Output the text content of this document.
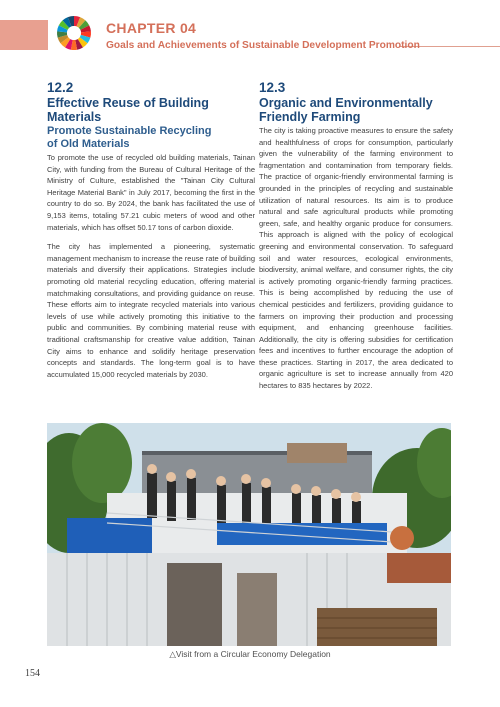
CHAPTER 04
Goals and Achievements of Sustainable Development Promotion
12.2
Effective Reuse of Building
Materials
Promote Sustainable Recycling
of Old Materials

To promote the use of recycled old building materials, Tainan City, with funding from the Bureau of Cultural Heritage of the Ministry of Culture, established the "Tainan City Cultural Heritage Material Bank" in July 2017, becoming the first in the country to do so. By 2024, the bank has facilitated the use of 9,153 items, totaling 57.21 cubic meters of wood and other materials, which has offset 50.17 tons of carbon dioxide.

The city has implemented a pioneering, systematic management mechanism to increase the reuse rate of building materials and diversify their applications. Strategies include promoting old material recycling education, offering material matchmaking consultations, and providing guidance on reuse. These efforts aim to integrate recycled materials into various levels of use while actively promoting this initiative to the public and communities. By combining material reuse with traditional craftsmanship for creative value addition, Tainan City aims to enhance and solidify heritage preservation concepts and standards. The long-term goal is to have accumulated 15,000 recycled materials by 2030.

12.3
Organic and Environmentally
Friendly Farming

The city is taking proactive measures to ensure the safety and healthfulness of crops for consumption, particularly given the vulnerability of the farming environment to fragmentation and contamination from temporary fields. The practice of organic-friendly environmental farming is grounded in the principles of recycling and sustainable utilization of natural resources. Its aim is to produce natural and safe agricultural products while promoting green, safe, and healthy organic produce for consumers. This approach is aligned with the policy of ecological greening and environmental conservation. To safeguard soil and water resources, ecological environments, biodiversity, animal welfare, and consumer rights, the city is actively promoting organic-friendly farming practices. This is being accomplished by reducing the use of chemical pesticides and fertilizers, providing guidance to farmers on improving their production and processing equipment, and enhancing greenhouse facilities. Additionally, the city is offering subsidies for certification fees and incentives to further encourage the adoption of these practices. Starting in 2017, the area dedicated to organic agriculture is set to increase annually from 420 hectares to 835 hectares by 2022.

△Visit from a Circular Economy Delegation
154
